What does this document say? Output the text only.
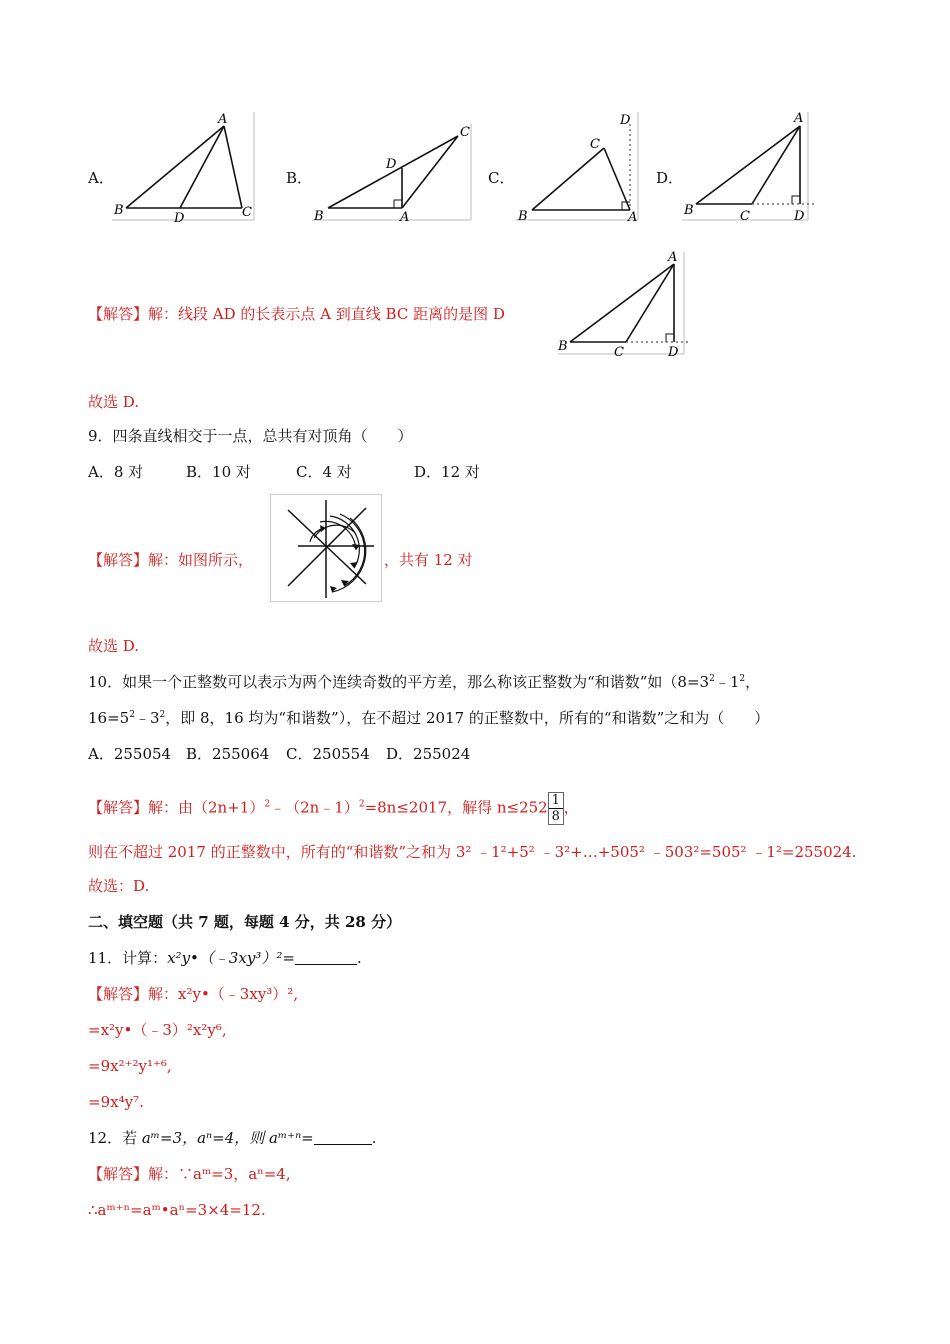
A．
A
B
D	C
B．
C
D
B	A
C．
D
C
B	A
D．
A
B	C	D
【解答】解：线段 AD 的长表示点 A 到直线 BC 距离的是图 D
A
B	C	D
故选 D.
9．四条直线相交于一点，总共有对顶角（　　）
A．8 对	B．10 对	C．4 对	D．12 对
【解答】解：如图所示，	，共有 12 对
故选 D.
10．如果一个正整数可以表示为两个连续奇数的平方差，那么称该正整数为“和谐数”如（$8=3^2﹣1^2$，
$16=5^2﹣3^2$，即 8，16 均为“和谐数”），在不超过 2017 的正整数中，所有的“和谐数”之和为（　　）
A．255054 B．255064 C．250554 D．255024
【解答】解：由$(2n+1)^2﹣(2n﹣1)^2=8n\le 2017$，解得 $n\le 252 \frac{1}{8}$ ，
则在不超过 2017 的正整数中，所有的“和谐数”之和为 3² ﹣1²+5² ﹣3²+…+505² ﹣503²=505² ﹣1²=255024.
故选：D.
二、填空题（共 7 题，每题 4 分，共 28 分）
11．计算：x²y•（﹣3xy³）²=	.
【解答】解：x²y•（﹣3xy³）²,
=x²y•（﹣3）²x²y⁶,
=9x²⁺²y¹⁺⁶,
=9x⁴y⁷.
12．若 aᵐ=3，aⁿ=4，则 aᵐ⁺ⁿ=	.
【解答】解：∵aᵐ=3，aⁿ=4,
∴aᵐ⁺ⁿ=aᵐ•aⁿ=3×4=12.
